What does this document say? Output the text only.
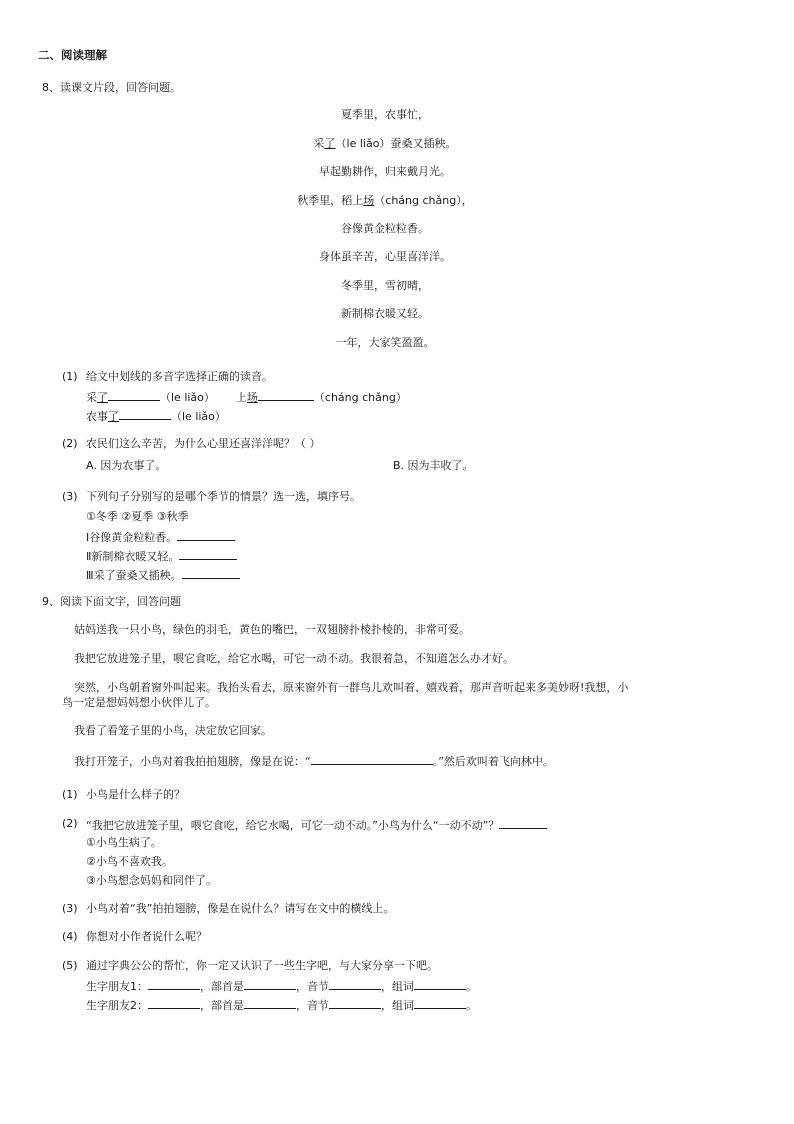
二、阅读理解
8、读课文片段，回答问题。
夏季里，农事忙，
采了（le liǎo）蚕桑又插秧。
早起勤耕作，归来戴月光。
秋季里，稻上场（cháng chǎng），
谷像黄金粒粒香。
身体虽辛苦，心里喜洋洋。
冬季里，雪初晴，
新制棉衣暖又轻。
一年，大家笑盈盈。
(1) 给文中划线的多音字选择正确的读音。
采了	（le liǎo） 上场	（cháng chǎng）
农事了	（le liǎo）
(2) 农民们这么辛苦，为什么心里还喜洋洋呢？（ ）
A. 因为农事了。	B. 因为丰收了。
(3) 下列句子分别写的是哪个季节的情景？选一选，填序号。
①冬季 ②夏季 ③秋季
Ⅰ谷像黄金粒粒香。
Ⅱ新制棉衣暖又轻。
Ⅲ采了蚕桑又插秧。
9、阅读下面文字，回答问题
姑妈送我一只小鸟，绿色的羽毛，黄色的嘴巴，一双翅膀扑棱扑棱的，非常可爱。
我把它放进笼子里，喂它食吃，给它水喝，可它一动不动。我很着急，不知道怎么办才好。
突然，小鸟朝着窗外叫起来。我抬头看去，原来窗外有一群鸟儿欢叫着、嬉戏着，那声音听起来多美妙呀!我想，小
鸟一定是想妈妈想小伙伴儿了。
我看了看笼子里的小鸟，决定放它回家。
我打开笼子，小鸟对着我拍拍翅膀，像是在说：“	。”然后欢叫着飞向林中。
(1) 小鸟是什么样子的？
(2) “我把它放进笼子里，喂它食吃，给它水喝，可它一动不动。”小鸟为什么“一动不动”？
①小鸟生病了。
②小鸟不喜欢我。
③小鸟想念妈妈和同伴了。
(3) 小鸟对着“我”拍拍翅膀，像是在说什么？请写在文中的横线上。
(4) 你想对小作者说什么呢？
(5) 通过字典公公的帮忙，你一定又认识了一些生字吧，与大家分享一下吧。
生字朋友1：	，部首是	，音节	，组词	。
生字朋友2：	，部首是	，音节	，组词	。
